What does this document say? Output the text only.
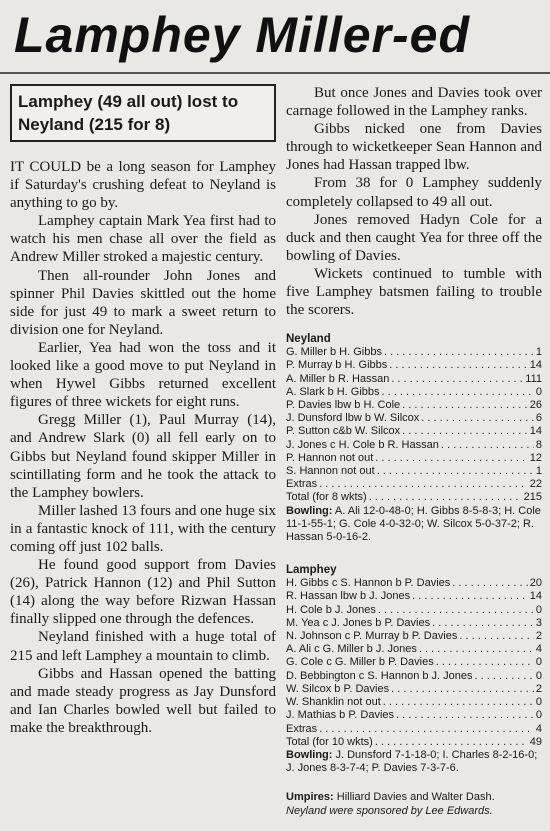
Lamphey Miller-ed
Lamphey (49 all out) lost to Neyland (215 for 8)

IT COULD be a long season for Lamphey if Saturday's crushing defeat to Neyland is anything to go by.

Lamphey captain Mark Yea first had to watch his men chase all over the field as Andrew Miller stroked a majestic century.

Then all-rounder John Jones and spinner Phil Davies skittled out the home side for just 49 to mark a sweet return to division one for Neyland.

Earlier, Yea had won the toss and it looked like a good move to put Neyland in when Hywel Gibbs returned excellent figures of three wickets for eight runs.

Gregg Miller (1), Paul Murray (14), and Andrew Slark (0) all fell early on to Gibbs but Neyland found skipper Miller in scintillating form and he took the attack to the Lamphey bowlers.

Miller lashed 13 fours and one huge six in a fantastic knock of 111, with the century coming off just 102 balls.

He found good support from Davies (26), Patrick Hannon (12) and Phil Sutton (14) along the way before Rizwan Hassan finally slipped one through the defences.

Neyland finished with a huge total of 215 and left Lamphey a mountain to climb.

Gibbs and Hassan opened the batting and made steady progress as Jay Dunsford and Ian Charles bowled well but failed to make the breakthrough.

But once Jones and Davies took over carnage followed in the Lamphey ranks.

Gibbs nicked one from Davies through to wicketkeeper Sean Hannon and Jones had Hassan trapped lbw.

From 38 for 0 Lamphey suddenly completely collapsed to 49 all out.

Jones removed Hadyn Cole for a duck and then caught Yea for three off the bowling of Davies.

Wickets continued to tumble with five Lamphey batsmen failing to trouble the scorers.

Neyland
G. Miller b H. Gibbs . . .	1
P. Murray b H. Gibbs . . .	14
A. Miller b R. Hassan . . .	111
A. Slark b H. Gibbs . . .	0
P. Davies lbw b H. Cole . . .	26
J. Dunsford lbw b W. Silcox . . .	6
P. Sutton c&b W. Silcox . . .	14
J. Jones c H. Cole b R. Hassan . . .	8
P. Hannon not out . . .	12
S. Hannon not out . . .	1
Extras . . .	22
Total (for 8 wkts) . . .	215
Bowling: A. Ali 12-0-48-0; H. Gibbs 8-5-8-3; H. Cole 11-1-55-1; G. Cole 4-0-32-0; W. Silcox 5-0-37-2; R. Hassan 5-0-16-2.
Lamphey
H. Gibbs c S. Hannon b P. Davies . . .	20
R. Hassan lbw b J. Jones . . .	14
H. Cole b J. Jones . . .	0
M. Yea c J. Jones b P. Davies . . .	3
N. Johnson c P. Murray b P. Davies . . .	2
A. Ali c G. Miller b J. Jones . . .	4
G. Cole c G. Miller b P. Davies . . .	0
D. Bebbington c S. Hannon b J. Jones . . .	0
W. Silcox b P. Davies . . .	2
W. Shanklin not out . . .	0
J. Mathias b P. Davies . . .	0
Extras . . .	4
Total (for 10 wkts) . . .	49
Bowling: J. Dunsford 7-1-18-0; I. Charles 8-2-16-0; J. Jones 8-3-7-4; P. Davies 7-3-7-6.
Umpires: Hilliard Davies and Walter Dash.
Neyland were sponsored by Lee Edwards.
